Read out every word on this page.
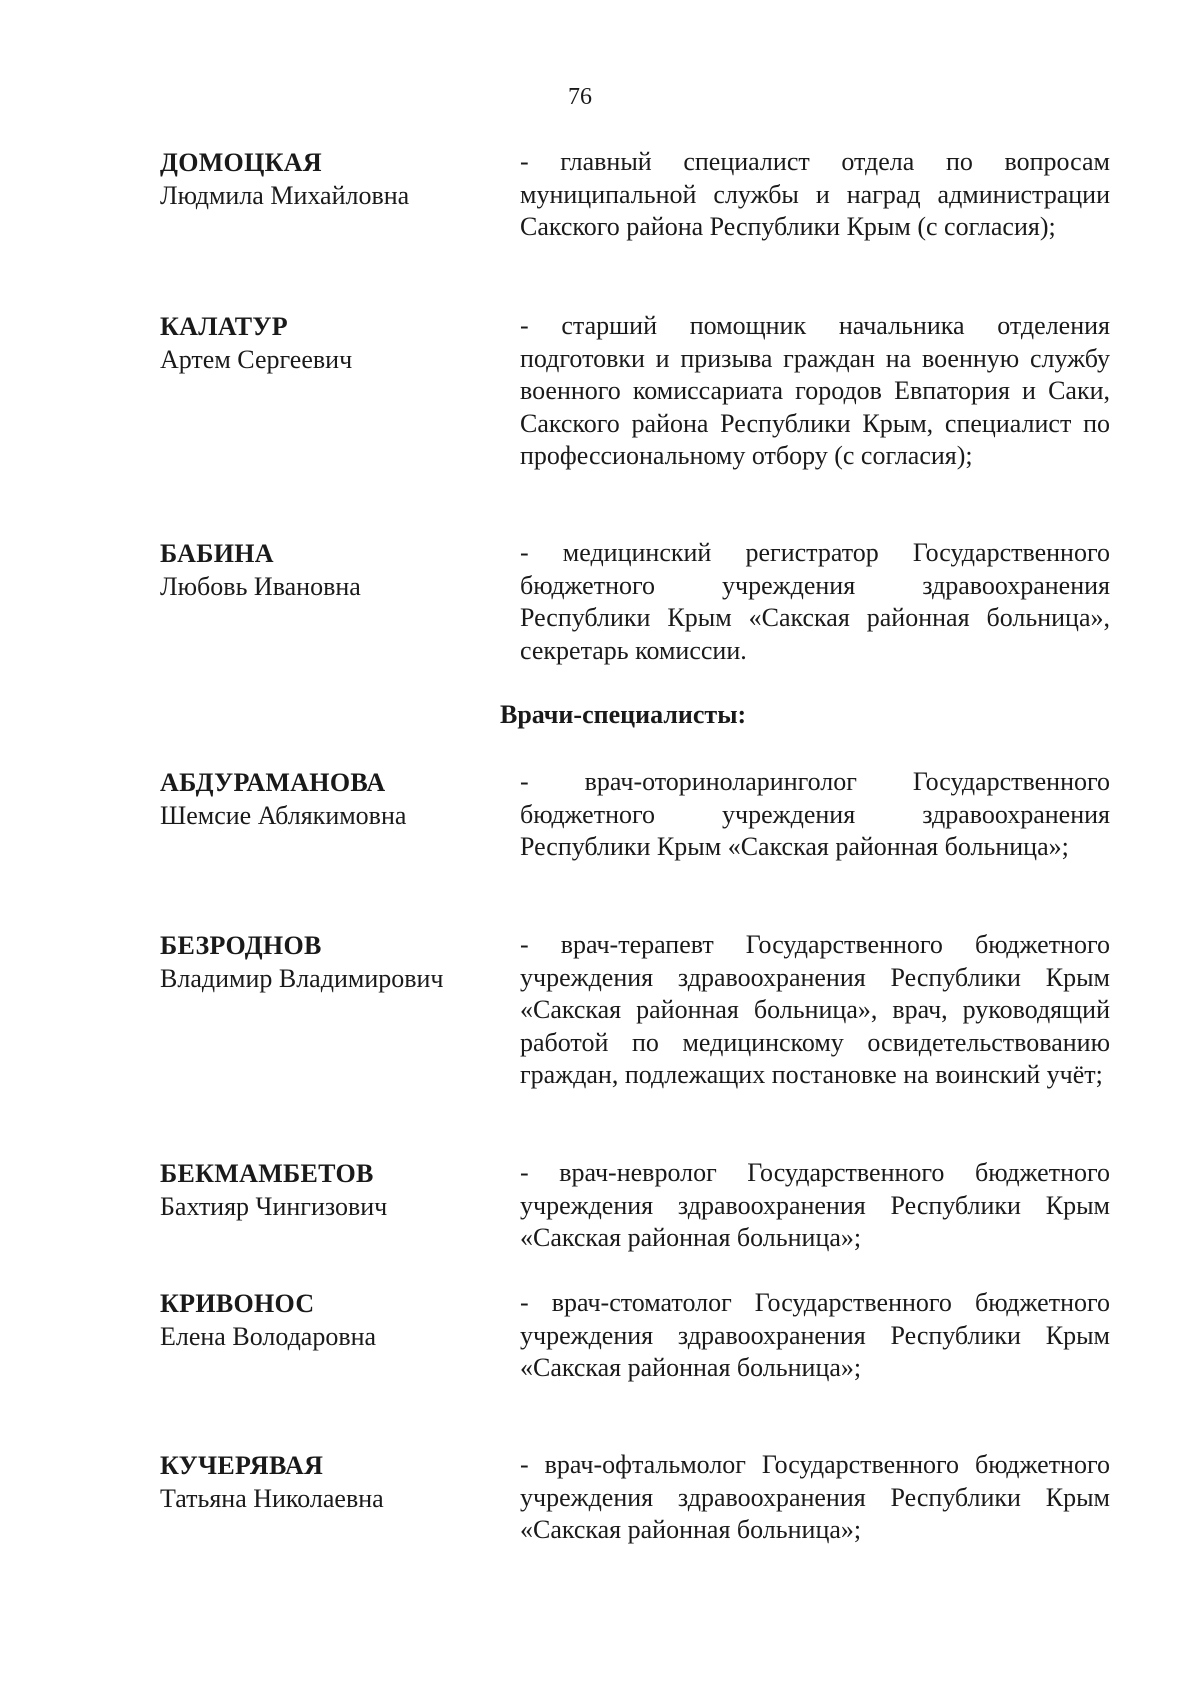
76
ДОМОЦКАЯ
Людмила Михайловна
- главный специалист отдела по вопросам муниципальной службы и наград администрации Сакского района Республики Крым (с согласия);
КАЛАТУР
Артем Сергеевич
- старший помощник начальника отделения подготовки и призыва граждан на военную службу военного комиссариата городов Евпатория и Саки, Сакского района Республики Крым, специалист по профессиональному отбору (с согласия);
БАБИНА
Любовь Ивановна
- медицинский регистратор Государственного бюджетного учреждения здравоохранения Республики Крым «Сакская районная больница», секретарь комиссии.
Врачи-специалисты:
АБДУРАМАНОВА
Шемсие Аблякимовна
- врач-оториноларинголог Государственного бюджетного учреждения здравоохранения Республики Крым «Сакская районная больница»;
БЕЗРОДНОВ
Владимир Владимирович
- врач-терапевт Государственного бюджетного учреждения здравоохранения Республики Крым «Сакская районная больница», врач, руководящий работой по медицинскому освидетельствованию граждан, подлежащих постановке на воинский учёт;
БЕКМАМБЕТОВ
Бахтияр Чингизович
- врач-невролог Государственного бюджетного учреждения здравоохранения Республики Крым «Сакская районная больница»;
КРИВОНОС
Елена Володаровна
- врач-стоматолог Государственного бюджетного учреждения здравоохранения Республики Крым «Сакская районная больница»;
КУЧЕРЯВАЯ
Татьяна Николаевна
- врач-офтальмолог Государственного бюджетного учреждения здравоохранения Республики Крым «Сакская районная больница»;
